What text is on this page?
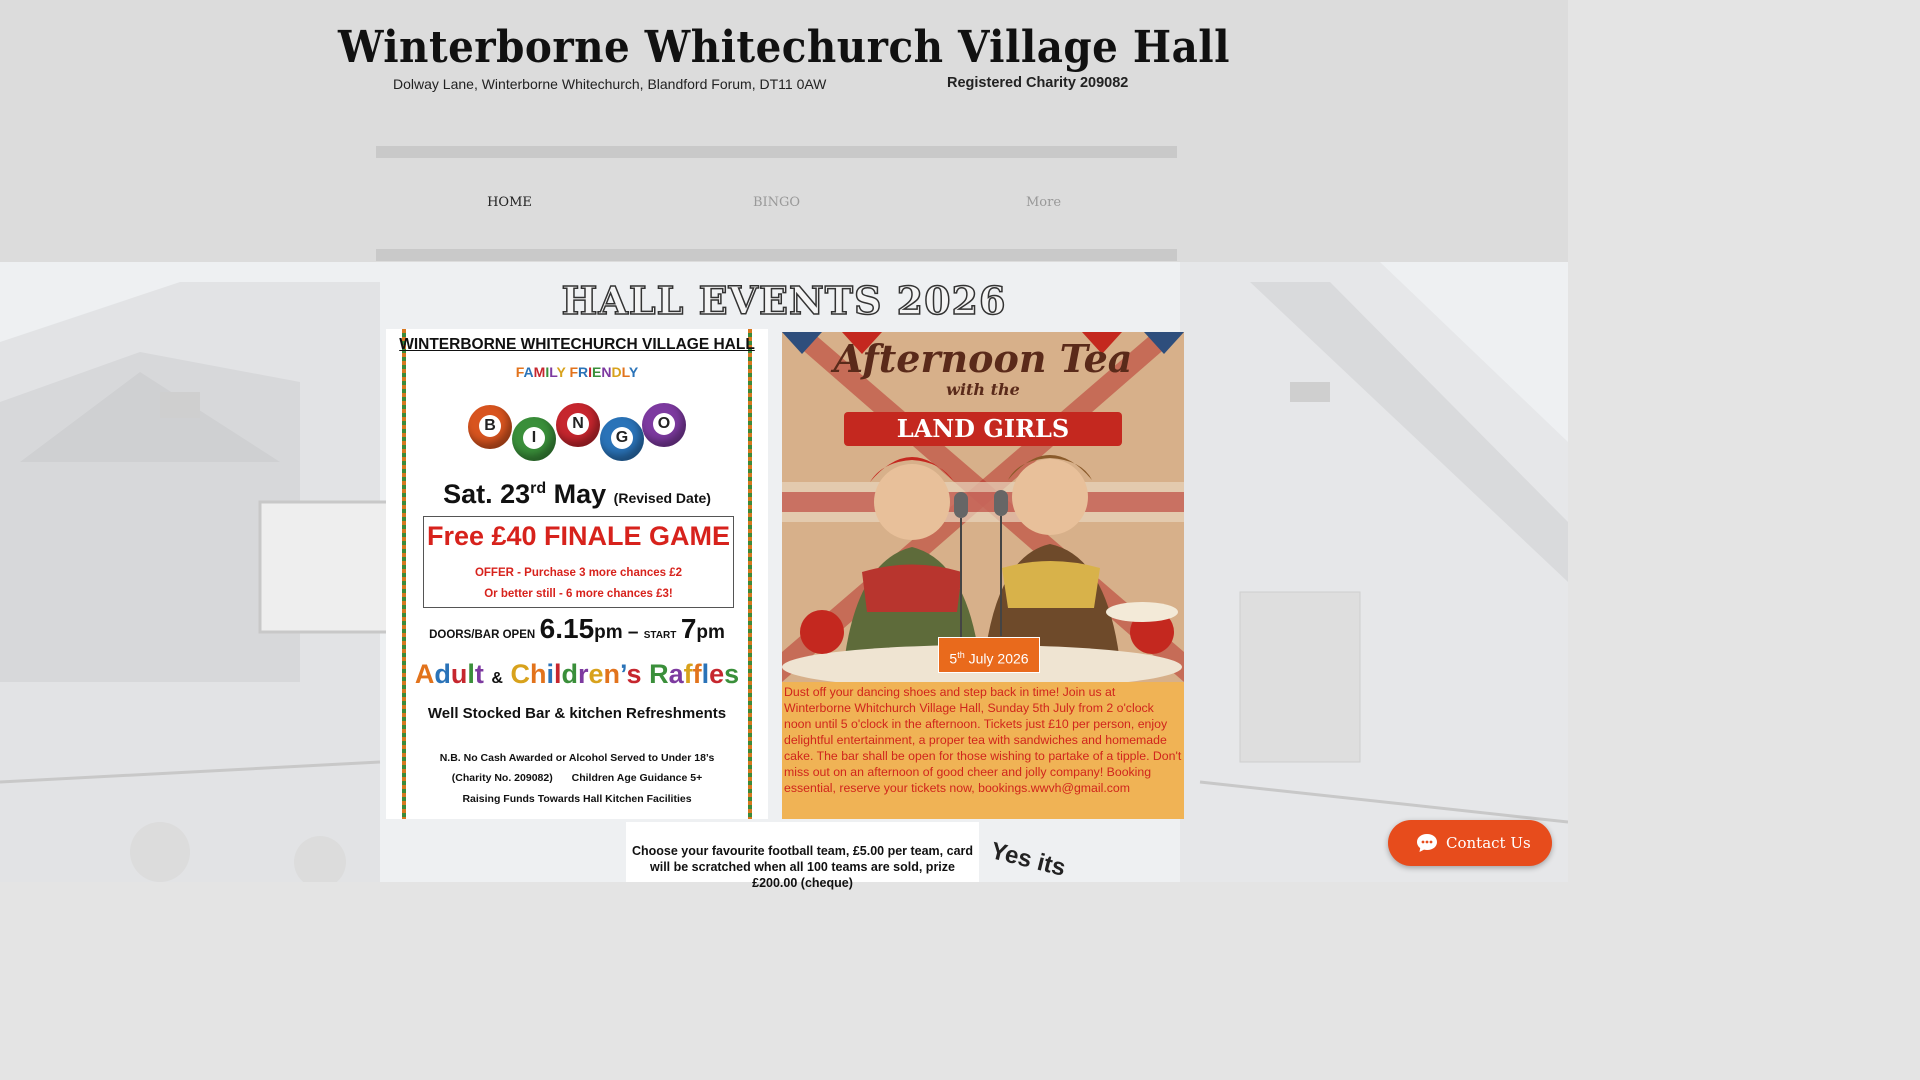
Winterborne Whitechurch Village Hall
Dolway Lane, Winterborne Whitechurch, Blandford Forum, DT11 0AW	Registered Charity 209082
HOME	BINGO	More
HALL EVENTS 2026
WINTERBORNE WHITECHURCH VILLAGE HALL
FAMILY FRIENDLY
B
I
N
G
O
Sat. 23rd May (Revised Date)
Free £40 FINALE GAME
OFFER - Purchase 3 more chances £2
Or better still - 6 more chances £3!
DOORS/BAR OPEN 6.15pm – START 7pm
Adult & Children’s Raffles
Well Stocked Bar & kitchen Refreshments
N.B. No Cash Awarded or Alcohol Served to Under 18’s
(Charity No. 209082) Children Age Guidance 5+
Raising Funds Towards Hall Kitchen Facilities
Afternoon Tea
LAND GIRLS
with the
5th July 2026
Dust off your dancing shoes and step back in time! Join us at Winterborne Whitchurch Village Hall, Sunday 5th July from 2 o'clock noon until 5 o'clock in the afternoon. Tickets just £10 per person, enjoy delightful entertainment, a proper tea with sandwiches and homemade cake. The bar shall be open for those wishing to partake of a tipple. Don't miss out on an afternoon of good cheer and jolly company! Booking essential, reserve your tickets now, bookings.wwvh@gmail.com
Choose your favourite football team, £5.00 per team, card will be scratched when all 100 teams are sold, prize £200.00 (cheque)
Yes its	Contact Us
